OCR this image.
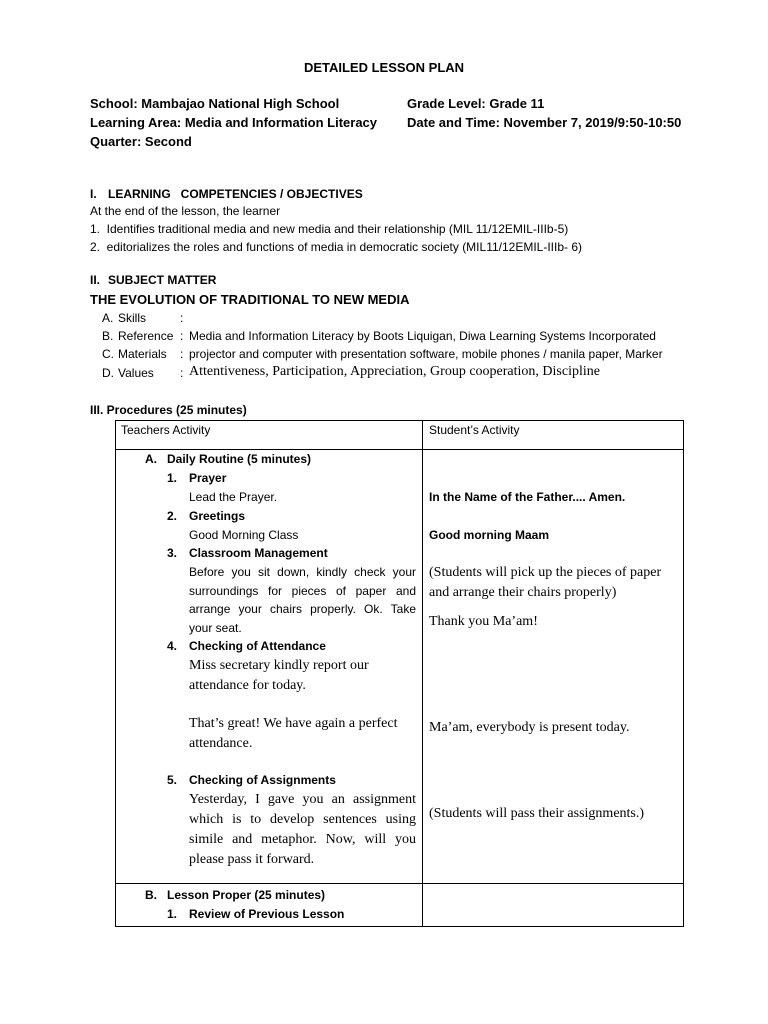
DETAILED LESSON PLAN
School: Mambajao National High School
Learning Area: Media and Information Literacy
Quarter: Second
Grade Level: Grade 11
Date and Time: November 7, 2019/9:50-10:50
I. LEARNING   COMPETENCIES / OBJECTIVES
At the end of the lesson, the learner
1.  Identifies traditional media and new media and their relationship (MIL 11/12EMIL-IIIb-5)
2.  editorializes the roles and functions of media in democratic society (MIL11/12EMIL-IIIb- 6)
II. SUBJECT MATTER
THE EVOLUTION OF TRADITIONAL TO NEW MEDIA
A. Skills	:
B. Reference : Media and Information Literacy by Boots Liquigan, Diwa Learning Systems Incorporated
C. Materials : projector and computer with presentation software, mobile phones / manila paper, Marker
D. Values : Attentiveness, Participation, Appreciation, Group cooperation, Discipline
III. Procedures (25 minutes)
Teachers Activity	Student’s Activity
A.   Daily Routine (5 minutes)
1. Prayer
Lead the Prayer.
2. Greetings
Good Morning Class
3. Classroom Management
Before you sit down, kindly check your surroundings for pieces of paper and arrange your chairs properly. Ok. Take your seat.
4. Checking of Attendance
Miss secretary kindly report our attendance for today.
That’s great! We have again a perfect attendance.
5. Checking of Assignments
Yesterday, I gave you an assignment which is to develop sentences using simile and metaphor. Now, will you please pass it forward.
B.   Lesson Proper (25 minutes)
1. Review of Previous Lesson
In the Name of the Father.... Amen.
Good morning Maam
(Students will pick up the pieces of paper and arrange their chairs properly)
Thank you Ma’am!
Ma’am, everybody is present today.
(Students will pass their assignments.)
